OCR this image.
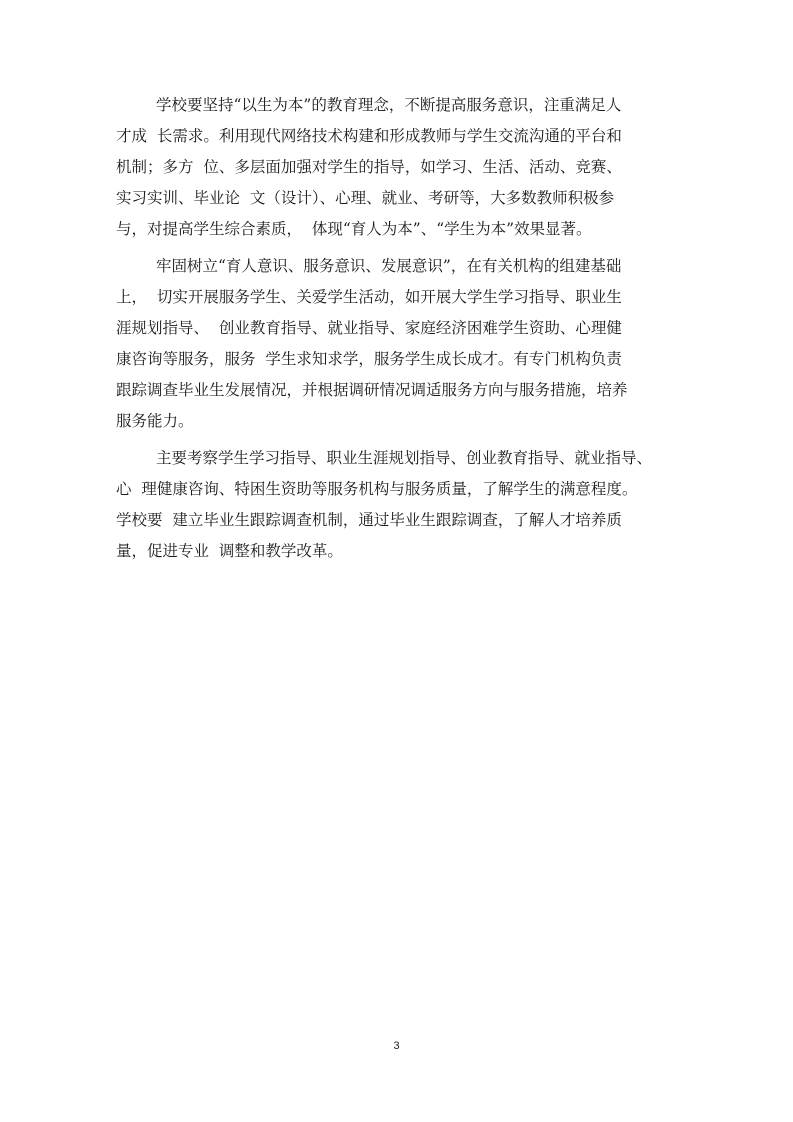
学校要坚持“以生为本”的教育理念，不断提高服务意识，注重满足人
才成  长需求。利用现代网络技术构建和形成教师与学生交流沟通的平台和
机制；多方  位、多层面加强对学生的指导，如学习、生活、活动、竞赛、
实习实训、毕业论  文（设计）、心理、就业、考研等，大多数教师积极参
与，对提高学生综合素质，  体现“育人为本”、“学生为本”效果显著。
牢固树立“育人意识、服务意识、发展意识”，在有关机构的组建基础
上，  切实开展服务学生、关爱学生活动，如开展大学生学习指导、职业生
涯规划指导、  创业教育指导、就业指导、家庭经济困难学生资助、心理健
康咨询等服务，服务  学生求知求学，服务学生成长成才。有专门机构负责
跟踪调查毕业生发展情况，并根据调研情况调适服务方向与服务措施，培养
服务能力。
主要考察学生学习指导、职业生涯规划指导、创业教育指导、就业指导、
心  理健康咨询、特困生资助等服务机构与服务质量，了解学生的满意程度。
学校要  建立毕业生跟踪调查机制，通过毕业生跟踪调查，了解人才培养质
量，促进专业  调整和教学改革。
3
